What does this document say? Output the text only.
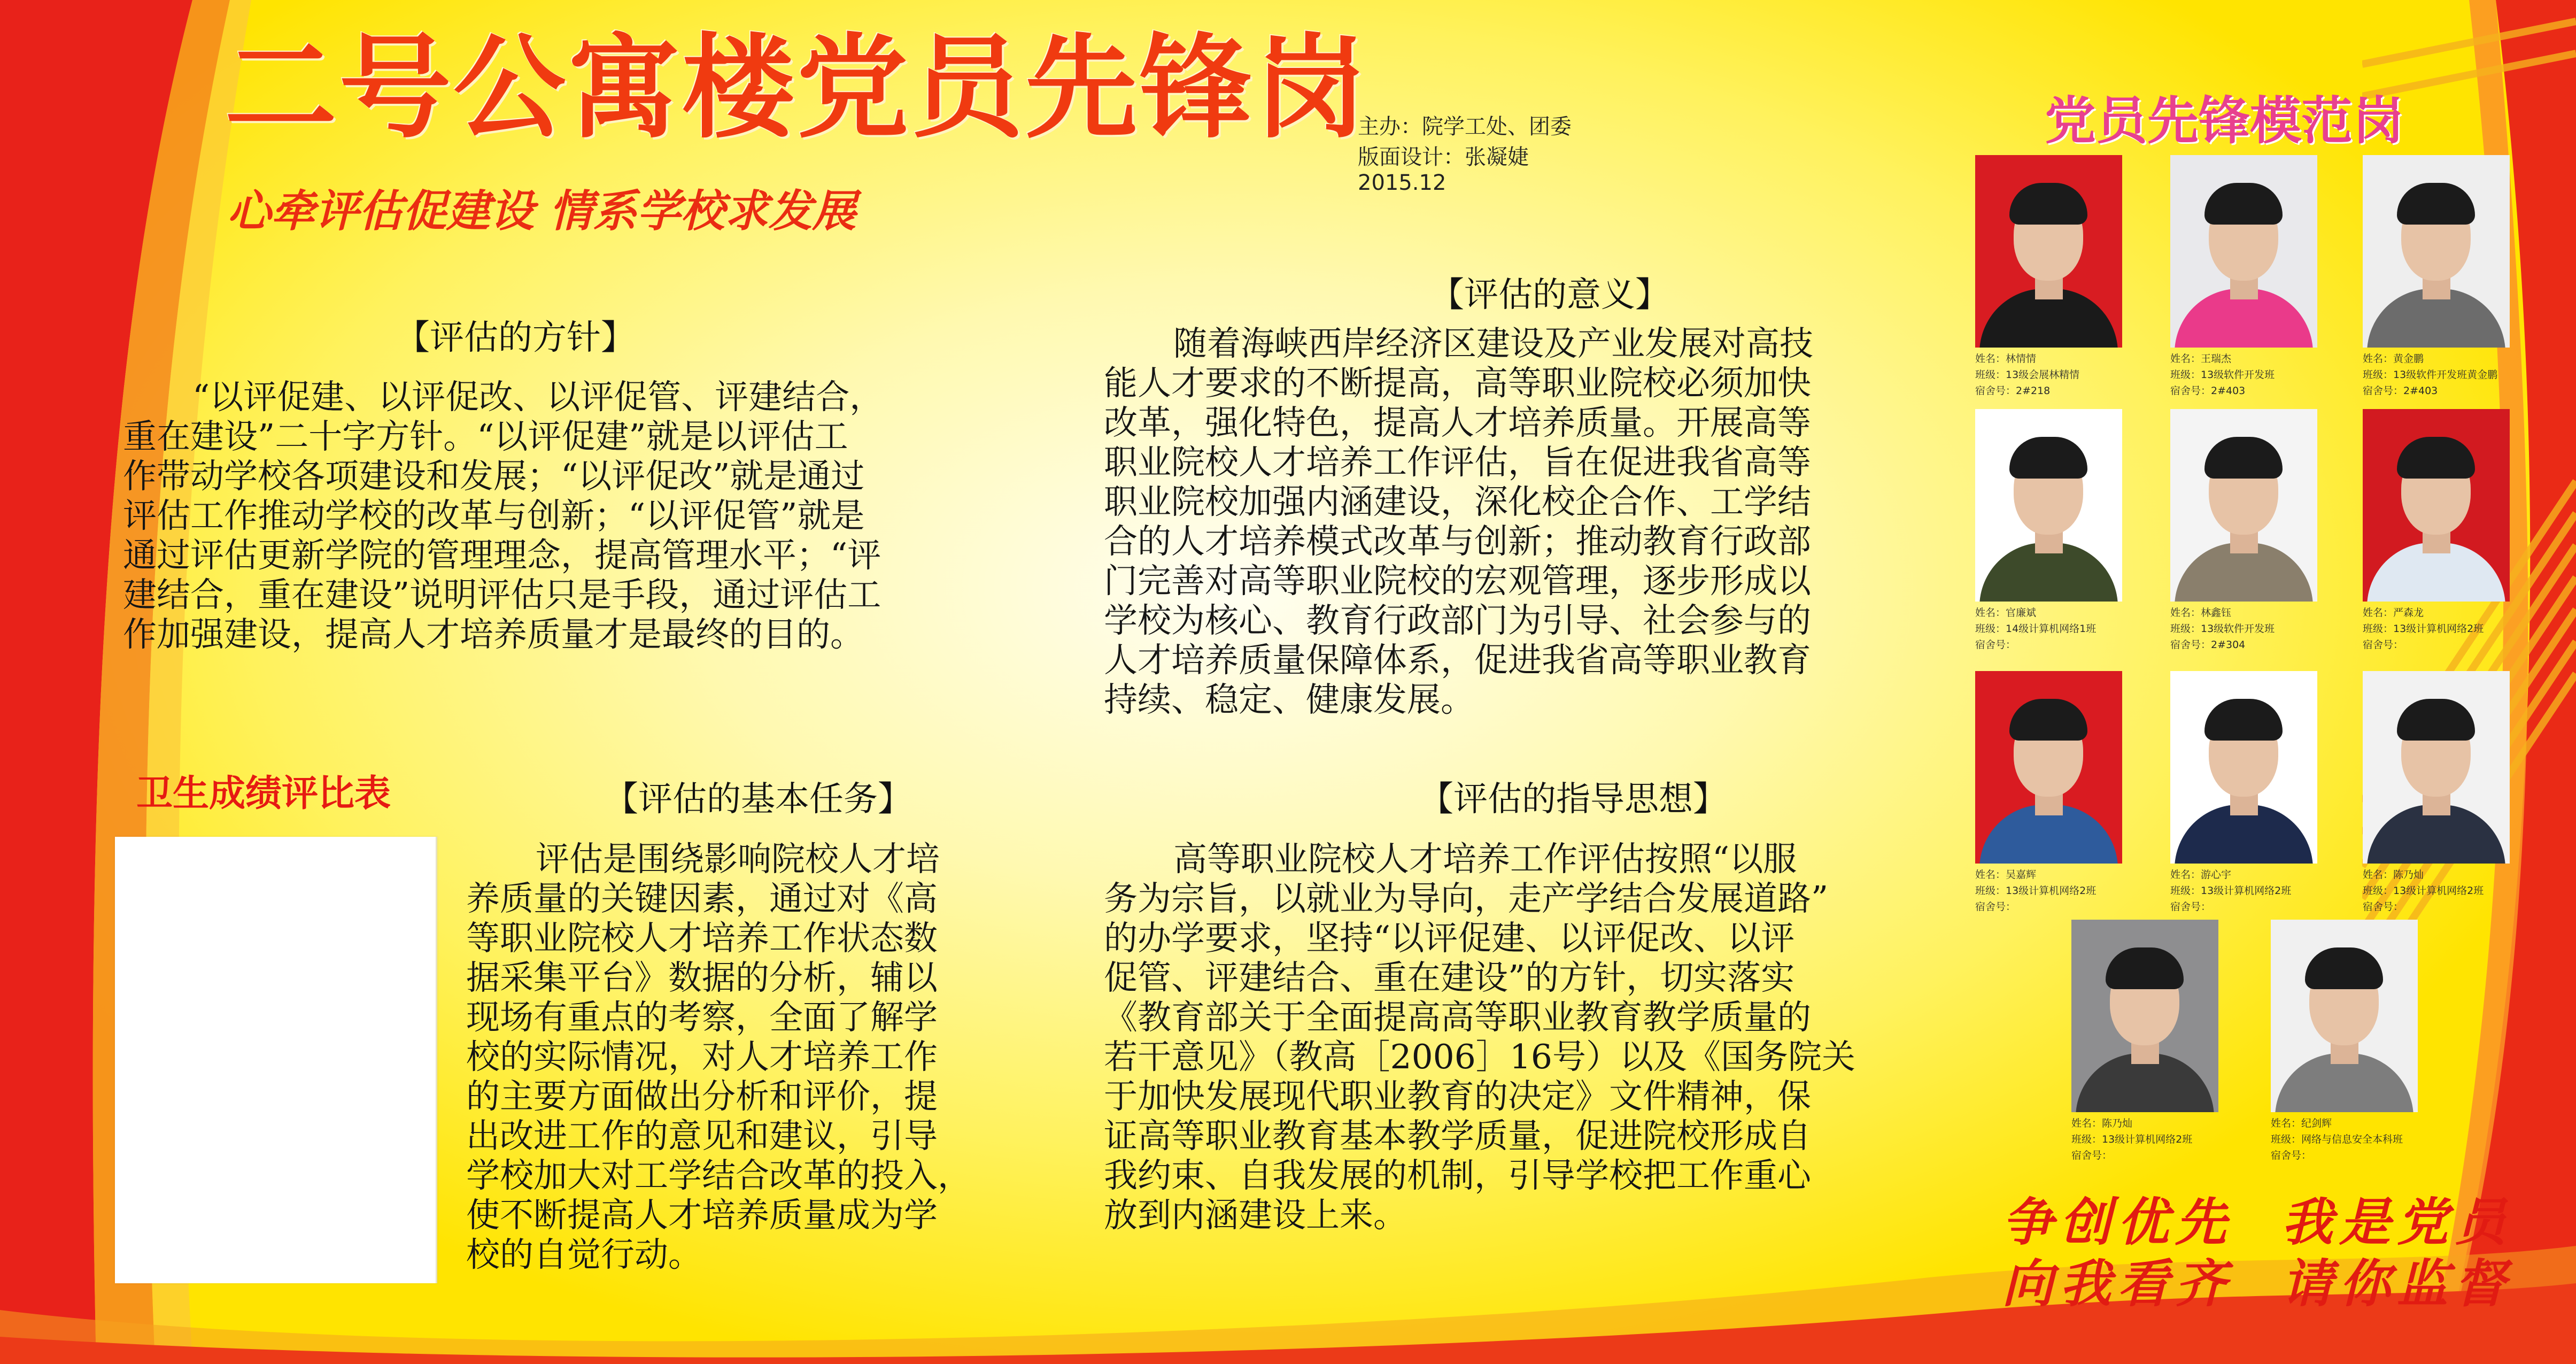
二号公寓楼党员先锋岗
心牵评估促建设 情系学校求发展
主办：院学工处、团委
版面设计：张凝婕
2015.12
【评估的方针】
“以评促建、以评促改、以评促管、评建结合，
重在建设”二十字方针。“以评促建”就是以评估工
作带动学校各项建设和发展；“以评促改”就是通过
评估工作推动学校的改革与创新；“以评促管”就是
通过评估更新学院的管理理念，提高管理水平；“评
建结合，重在建设”说明评估只是手段，通过评估工
作加强建设，提高人才培养质量才是最终的目的。
卫生成绩评比表	【评估的基本任务】
评估是围绕影响院校人才培
养质量的关键因素，通过对《高
等职业院校人才培养工作状态数
据采集平台》数据的分析，辅以
现场有重点的考察，全面了解学
校的实际情况，对人才培养工作
的主要方面做出分析和评价，提
出改进工作的意见和建议，引导
学校加大对工学结合改革的投入，
使不断提高人才培养质量成为学
校的自觉行动。
【评估的意义】
随着海峡西岸经济区建设及产业发展对高技
能人才要求的不断提高，高等职业院校必须加快
改革，强化特色，提高人才培养质量。开展高等
职业院校人才培养工作评估，旨在促进我省高等
职业院校加强内涵建设，深化校企合作、工学结
合的人才培养模式改革与创新；推动教育行政部
门完善对高等职业院校的宏观管理，逐步形成以
学校为核心、教育行政部门为引导、社会参与的
人才培养质量保障体系，促进我省高等职业教育
持续、稳定、健康发展。
【评估的指导思想】
高等职业院校人才培养工作评估按照“以服
务为宗旨，以就业为导向，走产学结合发展道路”
的办学要求，坚持“以评促建、以评促改、以评
促管、评建结合、重在建设”的方针，切实落实
《教育部关于全面提高高等职业教育教学质量的
若干意见》（教高［2006］16号）以及《国务院关
于加快发展现代职业教育的决定》文件精神，保
证高等职业教育基本教学质量，促进院校形成自
我约束、自我发展的机制，引导学校把工作重心
放到内涵建设上来。
党员先锋模范岗
姓名：林情情
班级：13级会展林精情
宿舍号：2#218
姓名：王瑞杰
班级：13级软件开发班
宿舍号：2#403
姓名：黄金鹏
班级：13级软件开发班黄金鹏
宿舍号：2#403
姓名：官廉斌
班级：14级计算机网络1班
宿舍号：
姓名：林鑫钰
班级：13级软件开发班
宿舍号：2#304
姓名：严森龙
班级：13级计算机网络2班
宿舍号：
姓名：吴嘉辉
班级：13级计算机网络2班
宿舍号：
姓名：游心宇
班级：13级计算机网络2班
宿舍号：
姓名：陈乃灿
班级：13级计算机网络2班
宿舍号：
姓名：陈乃灿
班级：13级计算机网络2班
宿舍号：
姓名：纪剑辉
班级：网络与信息安全本科班
宿舍号：
争创优先  我是党员
向我看齐  请你监督
